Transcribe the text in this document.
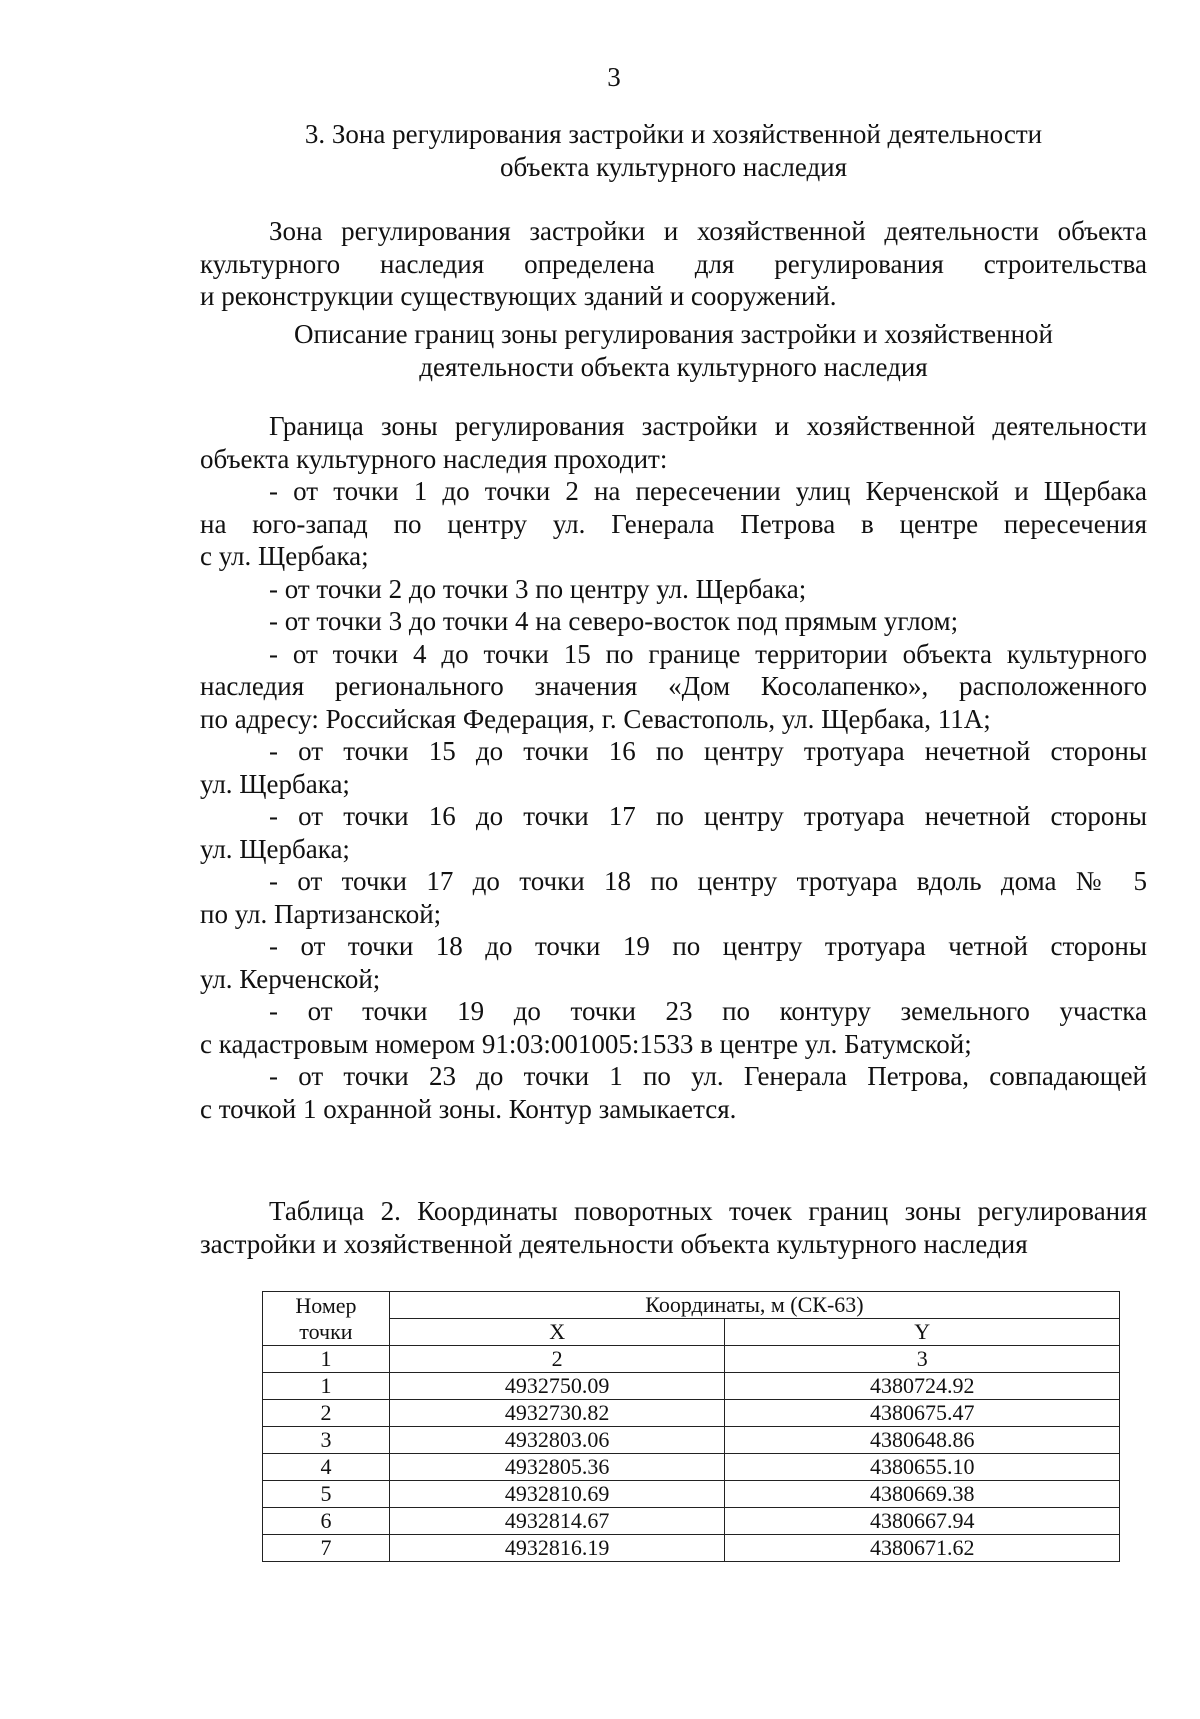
3
3. Зона регулирования застройки и хозяйственной деятельности
объекта культурного наследия
Зона регулирования застройки и хозяйственной деятельности объекта
культурного наследия определена для регулирования строительства
и реконструкции существующих зданий и сооружений.
Описание границ зоны регулирования застройки и хозяйственной
деятельности объекта культурного наследия
Граница зоны регулирования застройки и хозяйственной деятельности
объекта культурного наследия проходит:
- от точки 1 до точки 2 на пересечении улиц Керченской и Щербака
на юго-запад по центру ул. Генерала Петрова в центре пересечения
с ул. Щербака;
- от точки 2 до точки 3 по центру ул. Щербака;
- от точки 3 до точки 4 на северо-восток под прямым углом;
- от точки 4 до точки 15 по границе территории объекта культурного
наследия регионального значения «Дом Косолапенко», расположенного
по адресу: Российская Федерация, г. Севастополь, ул. Щербака, 11А;
- от точки 15 до точки 16 по центру тротуара нечетной стороны
ул. Щербака;
- от точки 16 до точки 17 по центру тротуара нечетной стороны
ул. Щербака;
- от точки 17 до точки 18 по центру тротуара вдоль дома № 5
по ул. Партизанской;
- от точки 18 до точки 19 по центру тротуара четной стороны
ул. Керченской;
- от точки 19 до точки 23 по контуру земельного участка
с кадастровым номером 91:03:001005:1533 в центре ул. Батумской;
- от точки 23 до точки 1 по ул. Генерала Петрова, совпадающей
с точкой 1 охранной зоны. Контур замыкается.
Таблица 2. Координаты поворотных точек границ зоны регулирования
застройки и хозяйственной деятельности объекта культурного наследия
Номер
точки	Координаты, м (СК-63)	
	X	Y
1	2	3
1	4932750.09	4380724.92
2	4932730.82	4380675.47
3	4932803.06	4380648.86
4	4932805.36	4380655.10
5	4932810.69	4380669.38
6	4932814.67	4380667.94
7	4932816.19	4380671.62
